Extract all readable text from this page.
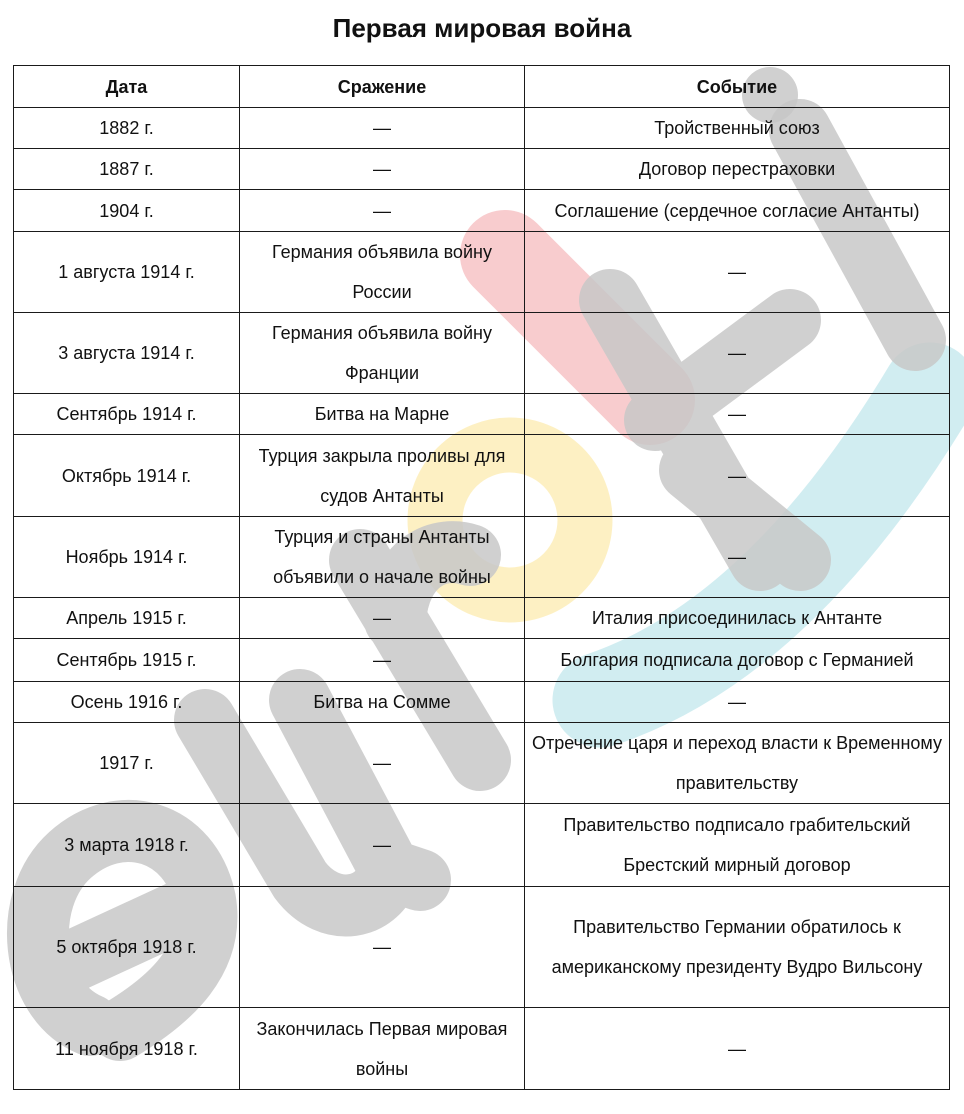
Первая мировая война
Дата	Сражение	Событие
1882 г.	—	Тройственный союз
1887 г.	—	Договор перестраховки
1904 г.	—	Соглашение (сердечное согласие Антанты)
1 августа 1914 г.	Германия объявила войну России	—
3 августа 1914 г.	Германия объявила войну Франции	—
Сентябрь 1914 г.	Битва на Марне	—
Октябрь 1914 г.	Турция закрыла проливы для судов Антанты	—
Ноябрь 1914 г.	Турция и страны Антанты объявили о начале войны	—
Апрель 1915 г.	—	Италия присоединилась к Антанте
Сентябрь 1915 г.	—	Болгария подписала договор с Германией
Осень 1916 г.	Битва на Сомме	—
1917 г.	—	Отречение царя и переход власти к Временному правительству
3 марта 1918 г.	—	Правительство подписало грабительский Брестский мирный договор
5 октября 1918 г.	—	Правительство Германии обратилось к американскому президенту Вудро Вильсону
11 ноября 1918 г.	Закончилась Первая мировая войны	—
